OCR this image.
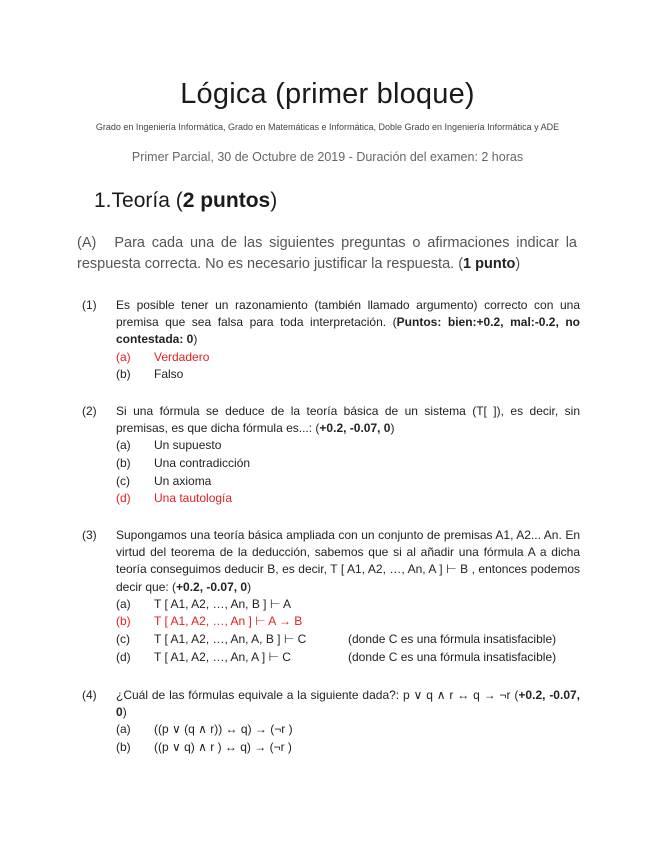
Lógica (primer bloque)
Grado en Ingeniería Informática, Grado en Matemáticas e Informática, Doble Grado en Ingeniería Informática y ADE
Primer Parcial, 30 de Octubre de 2019 - Duración del examen: 2 horas
1.Teoría (2 puntos)
(A) Para cada una de las siguientes preguntas o afirmaciones indicar la respuesta correcta. No es necesario justificar la respuesta. (1 punto)
(1) Es posible tener un razonamiento (también llamado argumento) correcto con una premisa que sea falsa para toda interpretación. (Puntos: bien:+0.2, mal:-0.2, no contestada: 0)
(a) Verdadero
(b) Falso
(2) Si una fórmula se deduce de la teoría básica de un sistema (T[ ]), es decir, sin premisas, es que dicha fórmula es...: (+0.2, -0.07, 0)
(a) Un supuesto
(b) Una contradicción
(c) Un axioma
(d) Una tautología
(3) Supongamos una teoría básica ampliada con un conjunto de premisas A1, A2... An. En virtud del teorema de la deducción, sabemos que si al añadir una fórmula A a dicha teoría conseguimos deducir B, es decir, T [ A1, A2, …, An, A ] ⊢ B , entonces podemos decir que: (+0.2, -0.07, 0)
(a) T [ A1, A2, …, An, B ] ⊢ A
(b) T [ A1, A2, …, An ] ⊢ A → B
(c) T [ A1, A2, …, An, A, B ] ⊢ C	(donde C es una fórmula insatisfacible)
(d) T [ A1, A2, …, An, A ] ⊢ C	(donde C es una fórmula insatisfacible)
(4) ¿Cuál de las fórmulas equivale a la siguiente dada?: p ∨ q ∧ r ↔ q → ¬r (+0.2, -0.07, 0)
(a) ((p ∨ (q ∧ r)) ↔ q) → (¬r )
(b) ((p ∨ q) ∧ r ) ↔ q) → (¬r )
